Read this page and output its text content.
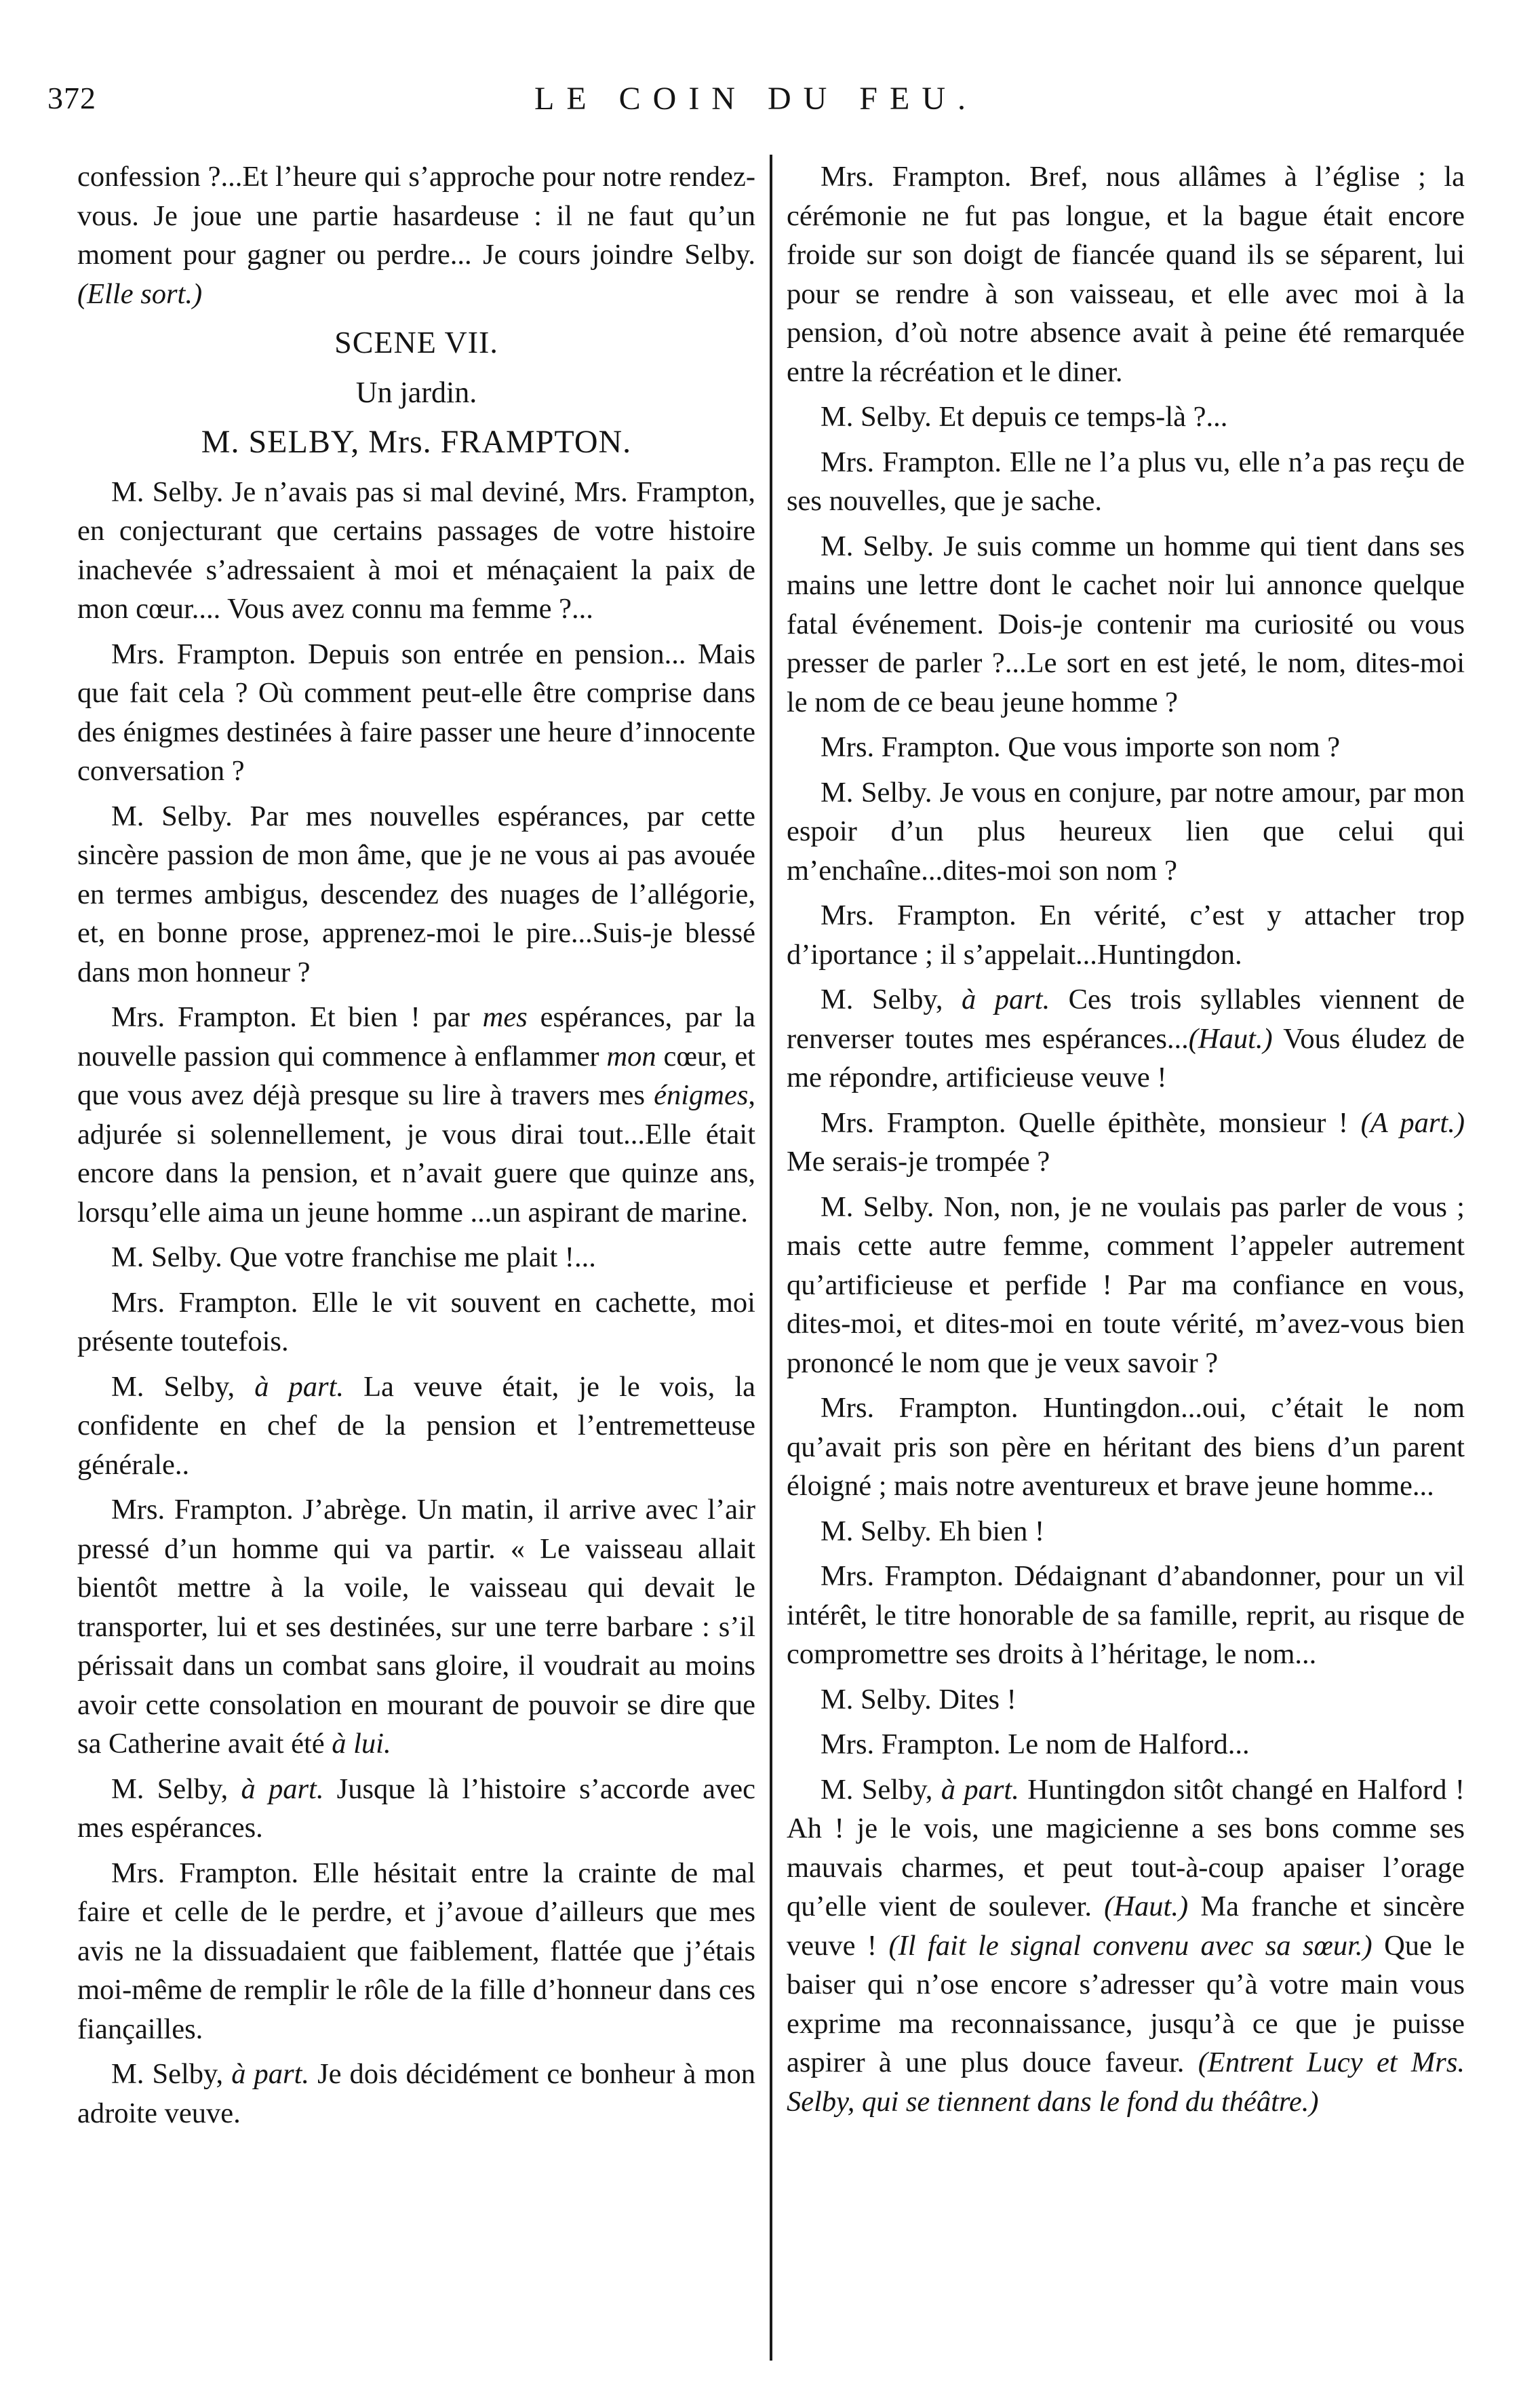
372	LE COIN DU FEU.

confession ?...Et l’heure qui s’approche pour notre rendez-vous. Je joue une partie hasardeuse : il ne faut qu’un moment pour gagner ou perdre... Je cours joindre Selby. (Elle sort.)

SCENE VII.

Un jardin.

M. SELBY, Mrs. FRAMPTON.

M. Selby. Je n’avais pas si mal deviné, Mrs. Frampton, en conjecturant que certains passages de votre histoire inachevée s’adressaient à moi et ménaçaient la paix de mon cœur.... Vous avez connu ma femme ?...

Mrs. Frampton. Depuis son entrée en pension... Mais que fait cela ? Où comment peut-elle être comprise dans des énigmes destinées à faire passer une heure d’innocente conversation ?

M. Selby. Par mes nouvelles espérances, par cette sincère passion de mon âme, que je ne vous ai pas avouée en termes ambigus, descendez des nuages de l’allégorie, et, en bonne prose, apprenez-moi le pire...Suis-je blessé dans mon honneur ?

Mrs. Frampton. Et bien ! par mes espérances, par la nouvelle passion qui commence à enflammer mon cœur, et que vous avez déjà presque su lire à travers mes énigmes, adjurée si solennellement, je vous dirai tout...Elle était encore dans la pension, et n’avait guere que quinze ans, lorsqu’elle aima un jeune homme ...un aspirant de marine.

M. Selby. Que votre franchise me plait !...

Mrs. Frampton. Elle le vit souvent en cachette, moi présente toutefois.

M. Selby, à part. La veuve était, je le vois, la confidente en chef de la pension et l’entremetteuse générale..

Mrs. Frampton. J’abrège. Un matin, il arrive avec l’air pressé d’un homme qui va partir. « Le vaisseau allait bientôt mettre à la voile, le vaisseau qui devait le transporter, lui et ses destinées, sur une terre barbare : s’il périssait dans un combat sans gloire, il voudrait au moins avoir cette consolation en mourant de pouvoir se dire que sa Catherine avait été à lui.

M. Selby, à part. Jusque là l’histoire s’accorde avec mes espérances.

Mrs. Frampton. Elle hésitait entre la crainte de mal faire et celle de le perdre, et j’avoue d’ailleurs que mes avis ne la dissuadaient que faiblement, flattée que j’étais moi-même de remplir le rôle de la fille d’honneur dans ces fiançailles.

M. Selby, à part. Je dois décidément ce bonheur à mon adroite veuve.

Mrs. Frampton. Bref, nous allâmes à l’église ; la cérémonie ne fut pas longue, et la bague était encore froide sur son doigt de fiancée quand ils se séparent, lui pour se rendre à son vaisseau, et elle avec moi à la pension, d’où notre absence avait à peine été remarquée entre la récréation et le diner.

M. Selby. Et depuis ce temps-là ?...

Mrs. Frampton. Elle ne l’a plus vu, elle n’a pas reçu de ses nouvelles, que je sache.

M. Selby. Je suis comme un homme qui tient dans ses mains une lettre dont le cachet noir lui annonce quelque fatal événement. Dois-je contenir ma curiosité ou vous presser de parler ?...Le sort en est jeté, le nom, dites-moi le nom de ce beau jeune homme ?

Mrs. Frampton. Que vous importe son nom ?

M. Selby. Je vous en conjure, par notre amour, par mon espoir d’un plus heureux lien que celui qui m’enchaîne...dites-moi son nom ?

Mrs. Frampton. En vérité, c’est y attacher trop d’iportance ; il s’appelait...Huntingdon.

M. Selby, à part. Ces trois syllables viennent de renverser toutes mes espérances...(Haut.) Vous éludez de me répondre, artificieuse veuve !

Mrs. Frampton. Quelle épithète, monsieur ! (A part.) Me serais-je trompée ?

M. Selby. Non, non, je ne voulais pas parler de vous ; mais cette autre femme, comment l’appeler autrement qu’artificieuse et perfide ! Par ma confiance en vous, dites-moi, et dites-moi en toute vérité, m’avez-vous bien prononcé le nom que je veux savoir ?

Mrs. Frampton. Huntingdon...oui, c’était le nom qu’avait pris son père en héritant des biens d’un parent éloigné ; mais notre aventureux et brave jeune homme...

M. Selby. Eh bien !

Mrs. Frampton. Dédaignant d’abandonner, pour un vil intérêt, le titre honorable de sa famille, reprit, au risque de compromettre ses droits à l’héritage, le nom...

M. Selby. Dites !

Mrs. Frampton. Le nom de Halford...

M. Selby, à part. Huntingdon sitôt changé en Halford ! Ah ! je le vois, une magicienne a ses bons comme ses mauvais charmes, et peut tout-à-coup apaiser l’orage qu’elle vient de soulever. (Haut.) Ma franche et sincère veuve ! (Il fait le signal convenu avec sa sœur.) Que le baiser qui n’ose encore s’adresser qu’à votre main vous exprime ma reconnaissance, jusqu’à ce que je puisse aspirer à une plus douce faveur. (Entrent Lucy et Mrs. Selby, qui se tiennent dans le fond du théâtre.)
